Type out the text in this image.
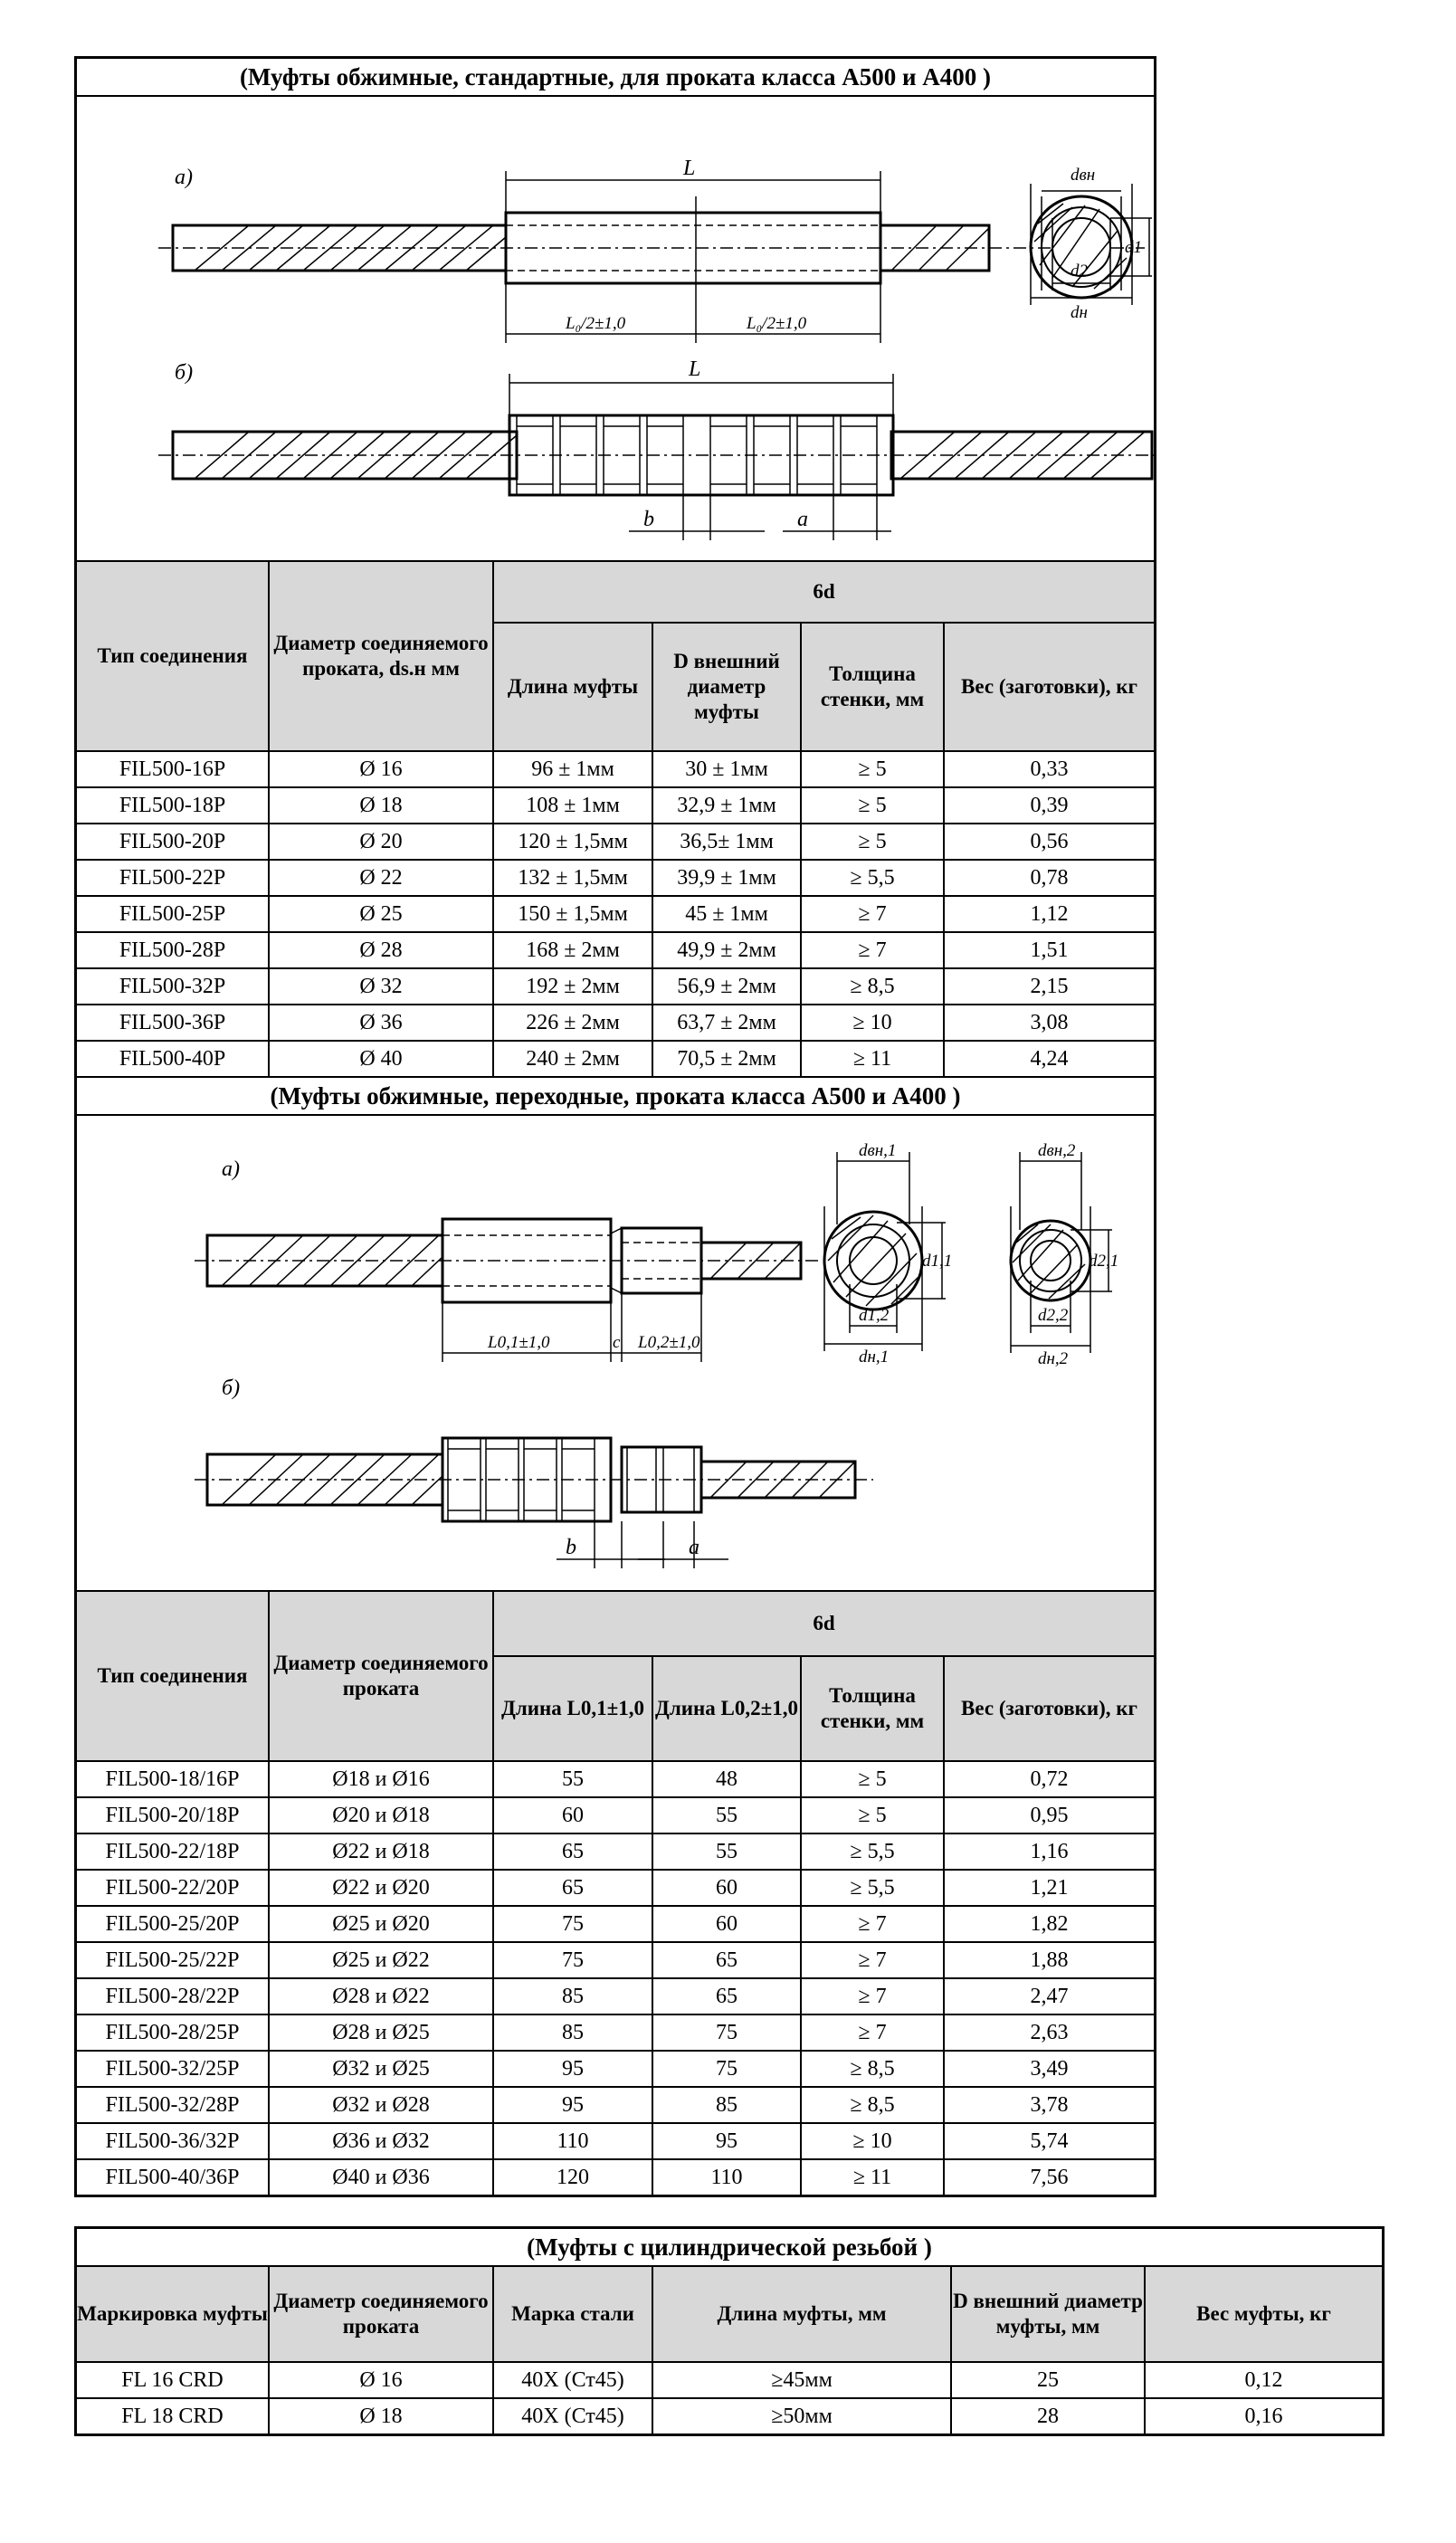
(Муфты обжимные, стандартные, для проката класса А500 и А400 )
а)	L
L₀/2±1,0	L₀/2±1,0
dвн
d2
dн
d1
б)	L
b	a
Тип соединения	Диаметр соединяемого проката, ds.н мм	6d			
		Длина муфты	D внешний диаметр муфты	Толщина стенки, мм	Вес (заготовки), кг
FIL500-16P	Ø 16	96 ± 1мм	30 ± 1мм	≥ 5	0,33
FIL500-18P	Ø 18	108 ± 1мм	32,9 ± 1мм	≥ 5	0,39
FIL500-20P	Ø 20	120 ± 1,5мм	36,5± 1мм	≥ 5	0,56
FIL500-22P	Ø 22	132 ± 1,5мм	39,9 ± 1мм	≥ 5,5	0,78
FIL500-25P	Ø 25	150 ± 1,5мм	45 ± 1мм	≥ 7	1,12
FIL500-28P	Ø 28	168 ± 2мм	49,9 ± 2мм	≥ 7	1,51
FIL500-32P	Ø 32	192 ± 2мм	56,9 ± 2мм	≥ 8,5	2,15
FIL500-36P	Ø 36	226 ± 2мм	63,7 ± 2мм	≥ 10	3,08
FIL500-40P	Ø 40	240 ± 2мм	70,5 ± 2мм	≥ 11	4,24
(Муфты обжимные, переходные, проката класса А500 и А400 )
а)
L0,1±1,0	c L0,2±1,0
dвн,1
d1,1
d1,2
dн,1
dвн,2
d2,1
d2,2
dн,2
б)
b	a
Тип соединения	Диаметр соединяемого проката	6d			
		Длина L0,1±1,0	Длина L0,2±1,0	Толщина стенки, мм	Вес (заготовки), кг
FIL500-18/16P	Ø18 и Ø16	55	48	≥ 5	0,72
FIL500-20/18P	Ø20 и Ø18	60	55	≥ 5	0,95
FIL500-22/18P	Ø22 и Ø18	65	55	≥ 5,5	1,16
FIL500-22/20P	Ø22 и Ø20	65	60	≥ 5,5	1,21
FIL500-25/20P	Ø25 и Ø20	75	60	≥ 7	1,82
FIL500-25/22P	Ø25 и Ø22	75	65	≥ 7	1,88
FIL500-28/22P	Ø28 и Ø22	85	65	≥ 7	2,47
FIL500-28/25P	Ø28 и Ø25	85	75	≥ 7	2,63
FIL500-32/25P	Ø32 и Ø25	95	75	≥ 8,5	3,49
FIL500-32/28P	Ø32 и Ø28	95	85	≥ 8,5	3,78
FIL500-36/32P	Ø36 и Ø32	110	95	≥ 10	5,74
FIL500-40/36P	Ø40 и Ø36	120	110	≥ 11	7,56
(Муфты с цилиндрической резьбой )
Маркировка муфты	Диаметр соединяемого проката	Марка стали	Длина муфты, мм	D внешний диаметр муфты, мм	Вес муфты, кг
FL 16 CRD	Ø 16	40Х (Ст45)	≥45мм	25	0,12
FL 18 CRD	Ø 18	40Х (Ст45)	≥50мм	28	0,16
